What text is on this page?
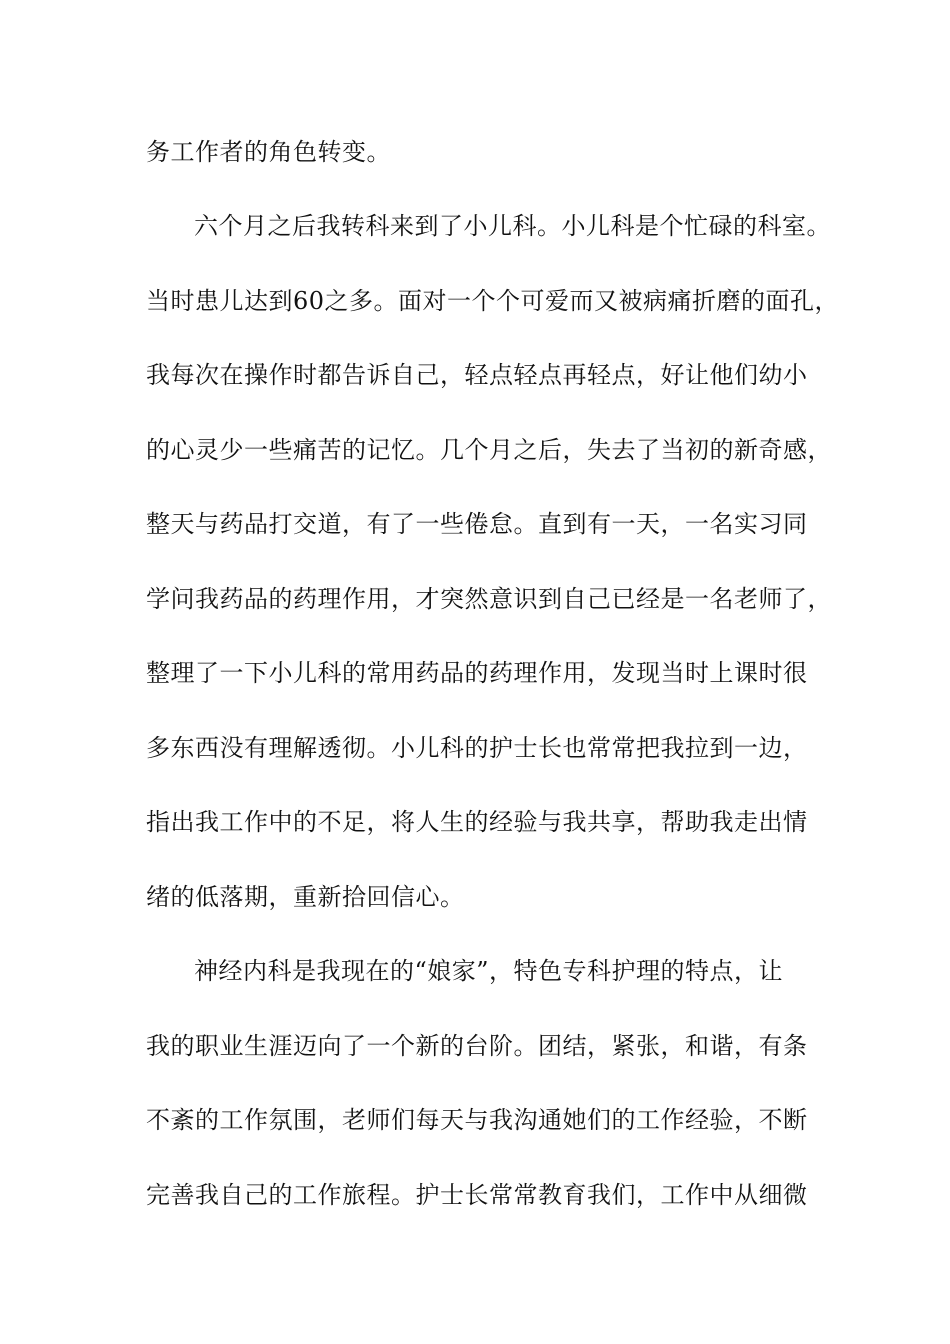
务工作者的角色转变。
六个月之后我转科来到了小儿科。小儿科是个忙碌的科室。
当时患儿达到60之多。面对一个个可爱而又被病痛折磨的面孔，
我每次在操作时都告诉自己，轻点轻点再轻点，好让他们幼小
的心灵少一些痛苦的记忆。几个月之后，失去了当初的新奇感，
整天与药品打交道，有了一些倦怠。直到有一天，一名实习同
学问我药品的药理作用，才突然意识到自己已经是一名老师了，
整理了一下小儿科的常用药品的药理作用，发现当时上课时很
多东西没有理解透彻。小儿科的护士长也常常把我拉到一边，
指出我工作中的不足，将人生的经验与我共享，帮助我走出情
绪的低落期，重新拾回信心。
神经内科是我现在的“娘家”，特色专科护理的特点，让
我的职业生涯迈向了一个新的台阶。团结，紧张，和谐，有条
不紊的工作氛围，老师们每天与我沟通她们的工作经验，不断
完善我自己的工作旅程。护士长常常教育我们，工作中从细微
